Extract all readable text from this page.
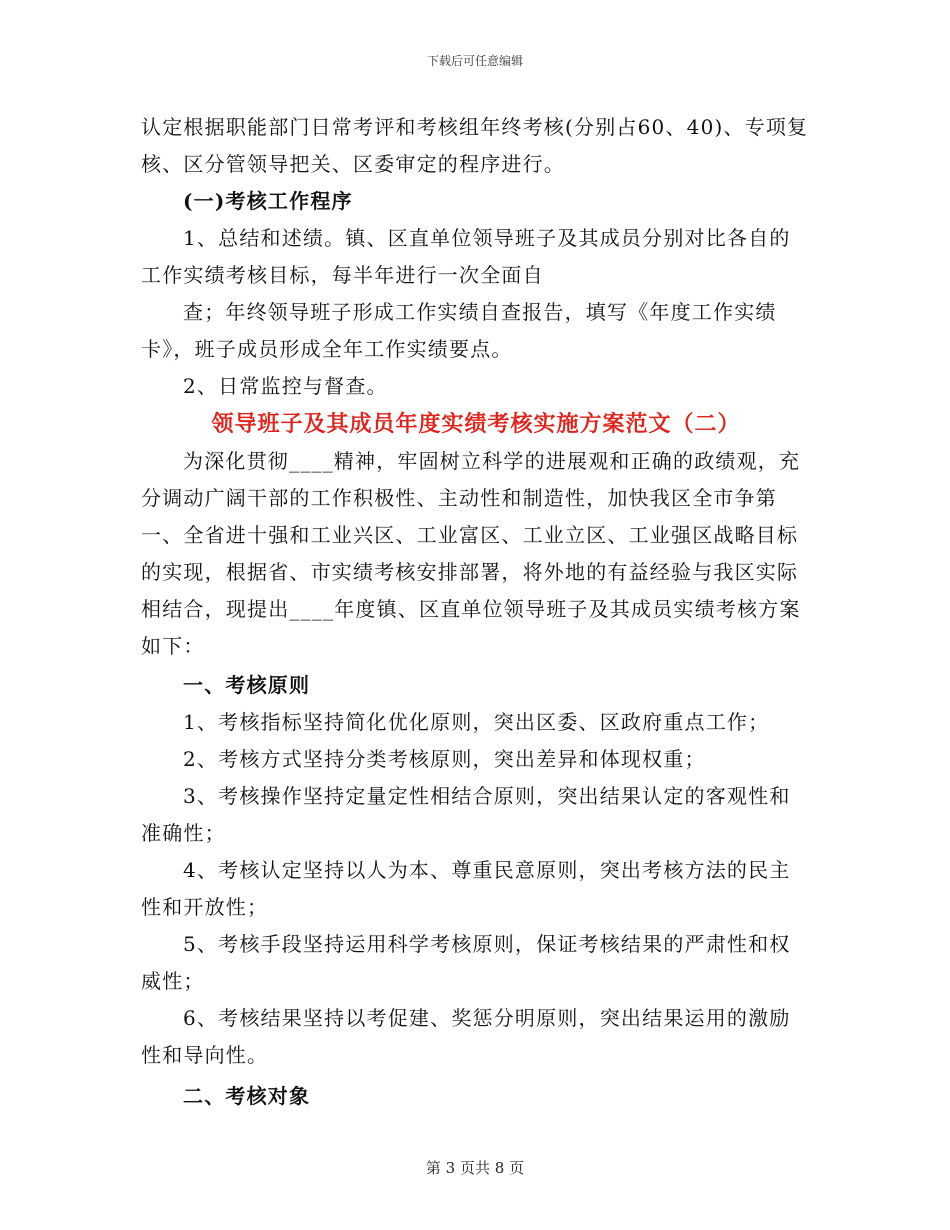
下载后可任意编辑

认定根据职能部门日常考评和考核组年终考核(分别占60、40)、专项复核、区分管领导把关、区委审定的程序进行。

(一)考核工作程序

1、总结和述绩。镇、区直单位领导班子及其成员分别对比各自的工作实绩考核目标，每半年进行一次全面自

查；年终领导班子形成工作实绩自查报告，填写《年度工作实绩卡》，班子成员形成全年工作实绩要点。

2、日常监控与督查。

领导班子及其成员年度实绩考核实施方案范文（二）

为深化贯彻____精神，牢固树立科学的进展观和正确的政绩观，充分调动广阔干部的工作积极性、主动性和制造性，加快我区全市争第一、全省进十强和工业兴区、工业富区、工业立区、工业强区战略目标的实现，根据省、市实绩考核安排部署，将外地的有益经验与我区实际相结合，现提出____年度镇、区直单位领导班子及其成员实绩考核方案如下：

一、考核原则

1、考核指标坚持简化优化原则，突出区委、区政府重点工作；

2、考核方式坚持分类考核原则，突出差异和体现权重；

3、考核操作坚持定量定性相结合原则，突出结果认定的客观性和准确性；

4、考核认定坚持以人为本、尊重民意原则，突出考核方法的民主性和开放性；

5、考核手段坚持运用科学考核原则，保证考核结果的严肃性和权威性；

6、考核结果坚持以考促建、奖惩分明原则，突出结果运用的激励性和导向性。

二、考核对象

第 3 页共 8 页
